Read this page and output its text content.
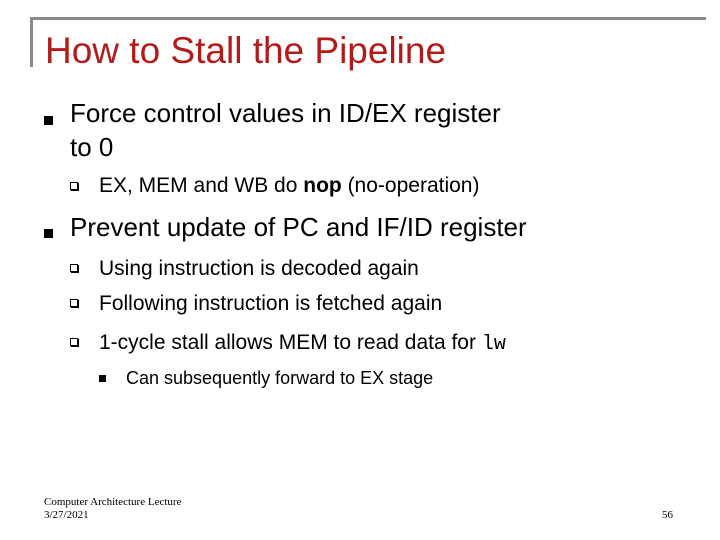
How to Stall the Pipeline
Force control values in ID/EX register
to 0
EX, MEM and WB do nop (no-operation)
Prevent update of PC and IF/ID register
Using instruction is decoded again
Following instruction is fetched again
1-cycle stall allows MEM to read data for lw
Can subsequently forward to EX stage
Computer Architecture Lecture
3/27/2021	56
